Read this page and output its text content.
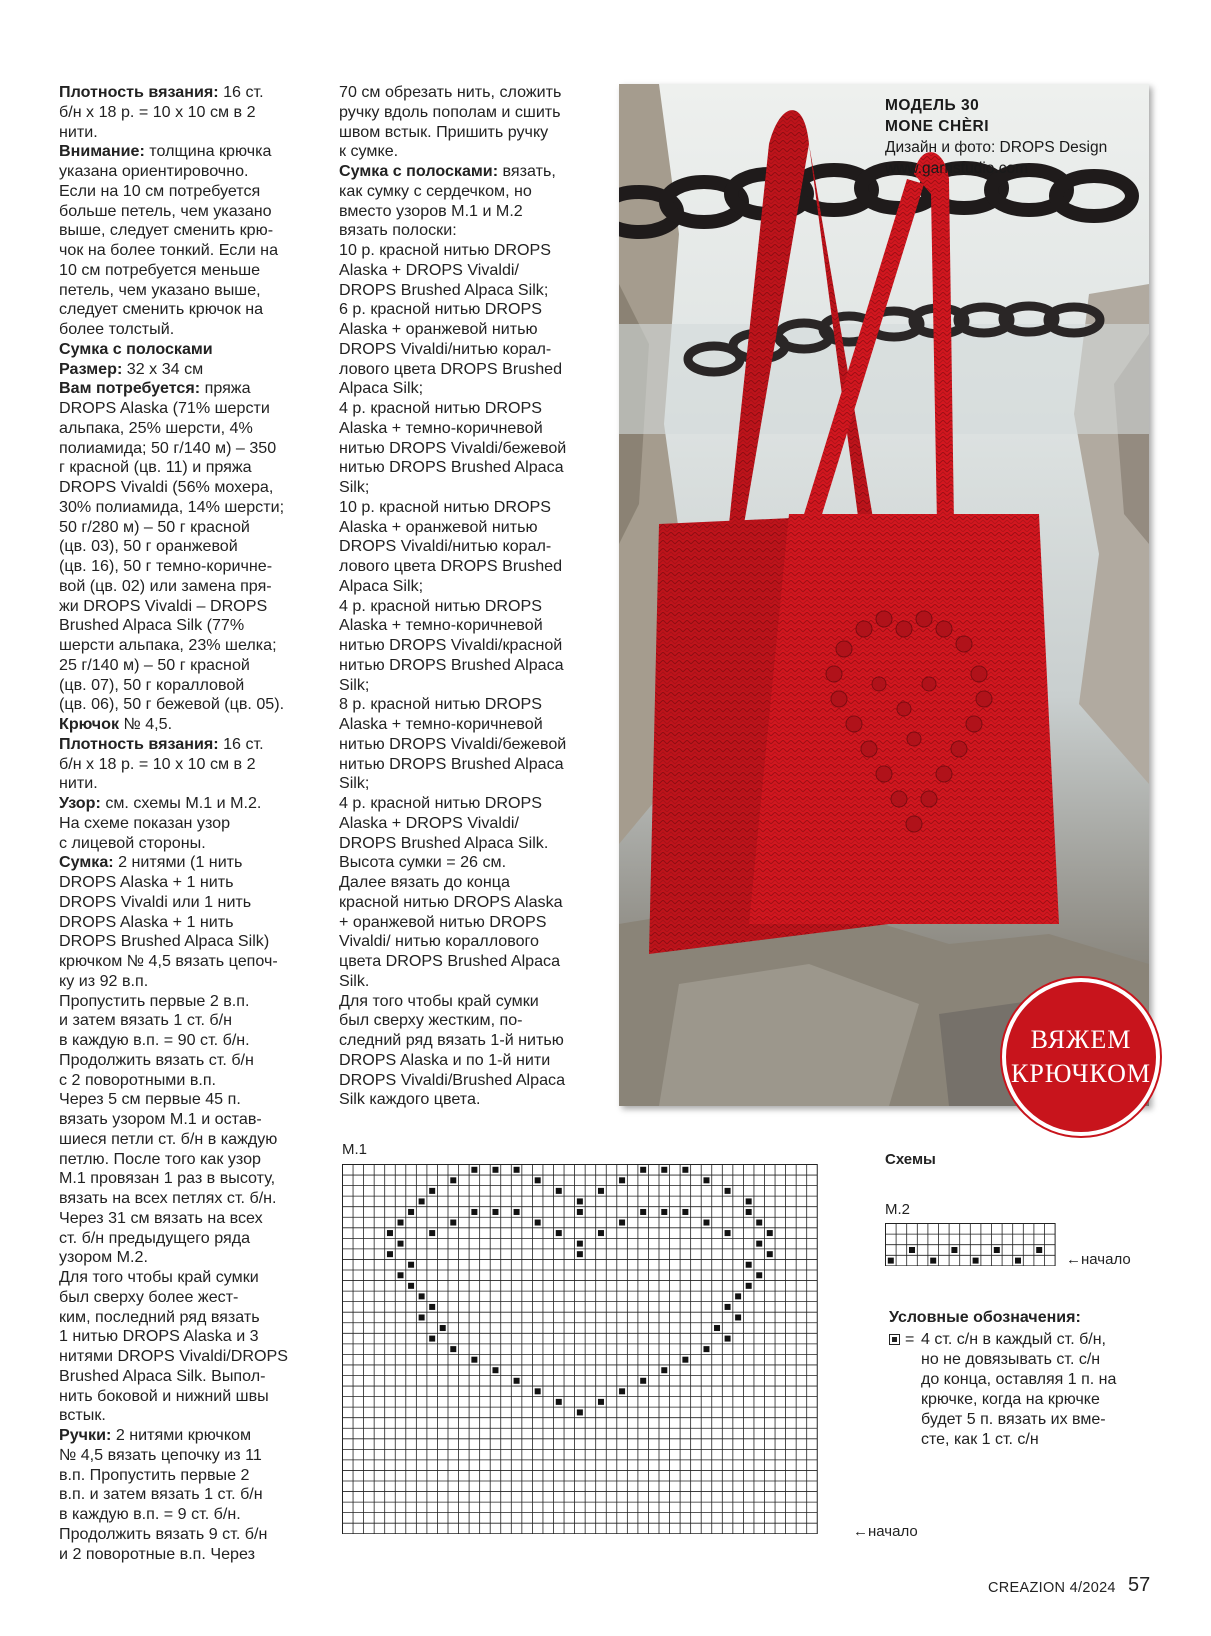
Плотность вязания: 16 ст.

б/н х 18 р. = 10 х 10 см в 2

нити.

Внимание: толщина крючка

указана ориентировочно.

Если на 10 см потребуется

больше петель, чем указано

выше, следует сменить крю-

чок на более тонкий. Если на

10 см потребуется меньше

петель, чем указано выше,

следует сменить крючок на

более толстый.

Сумка с полосками

Размер: 32 х 34 см

Вам потребуется: пряжа

DROPS Alaska (71% шерсти

альпака, 25% шерсти, 4%

полиамида; 50 г/140 м) – 350

г красной (цв. 11) и пряжа

DROPS Vivaldi (56% мохера,

30% полиамида, 14% шерсти;

50 г/280 м) – 50 г красной

(цв. 03), 50 г оранжевой

(цв. 16), 50 г темно-коричне-

вой (цв. 02) или замена пря-

жи DROPS Vivaldi – DROPS

Brushed Alpaca Silk (77%

шерсти альпака, 23% шелка;

25 г/140 м) – 50 г красной

(цв. 07), 50 г коралловой

(цв. 06), 50 г бежевой (цв. 05).

Крючок № 4,5.

Плотность вязания: 16 ст.

б/н х 18 р. = 10 х 10 см в 2

нити.

Узор: см. схемы М.1 и М.2.

На схеме показан узор

с лицевой стороны.

Сумка: 2 нитями (1 нить

DROPS Alaska + 1 нить

DROPS Vivaldi или 1 нить

DROPS Alaska + 1 нить

DROPS Brushed Alpaca Silk)

крючком № 4,5 вязать цепоч-

ку из 92 в.п.

Пропустить первые 2 в.п.

и затем вязать 1 ст. б/н

в каждую в.п. = 90 ст. б/н.

Продолжить вязать ст. б/н

с 2 поворотными в.п.

Через 5 см первые 45 п.

вязать узором М.1 и остав-

шиеся петли ст. б/н в каждую

петлю. После того как узор

М.1 провязан 1 раз в высоту,

вязать на всех петлях ст. б/н.

Через 31 см вязать на всех

ст. б/н предыдущего ряда

узором М.2.

Для того чтобы край сумки

был сверху более жест-

ким, последний ряд вязать

1 нитью DROPS Alaska и 3

нитями DROPS Vivaldi/DROPS

Brushed Alpaca Silk. Выпол-

нить боковой и нижний швы

встык.

Ручки: 2 нитями крючком

№ 4,5 вязать цепочку из 11

в.п. Пропустить первые 2

в.п. и затем вязать 1 ст. б/н

в каждую в.п. = 9 ст. б/н.

Продолжить вязать 9 ст. б/н

и 2 поворотные в.п. Через

70 см обрезать нить, сложить

ручку вдоль пополам и сшить

швом встык. Пришить ручку

к сумке.

Сумка с полосками: вязать,

как сумку с сердечком, но

вместо узоров М.1 и М.2

вязать полоски:

10 р. красной нитью DROPS

Alaska + DROPS Vivaldi/

DROPS Brushed Alpaca Silk;

6 р. красной нитью DROPS

Alaska + оранжевой нитью

DROPS Vivaldi/нитью корал-

лового цвета DROPS Brushed

Alpaca Silk;

4 р. красной нитью DROPS

Alaska + темно-коричневой

нитью DROPS Vivaldi/бежевой

нитью DROPS Brushed Alpaca

Silk;

10 р. красной нитью DROPS

Alaska + оранжевой нитью

DROPS Vivaldi/нитью корал-

лового цвета DROPS Brushed

Alpaca Silk;

4 р. красной нитью DROPS

Alaska + темно-коричневой

нитью DROPS Vivaldi/красной

нитью DROPS Brushed Alpaca

Silk;

8 р. красной нитью DROPS

Alaska + темно-коричневой

нитью DROPS Vivaldi/бежевой

нитью DROPS Brushed Alpaca

Silk;

4 р. красной нитью DROPS

Alaska + DROPS Vivaldi/

DROPS Brushed Alpaca Silk.

Высота сумки = 26 см.

Далее вязать до конца

красной нитью DROPS Alaska

+ оранжевой нитью DROPS

Vivaldi/ нитью кораллового

цвета DROPS Brushed Alpaca

Silk.

Для того чтобы край сумки

был сверху жестким, по-

следний ряд вязать 1-й нитью

DROPS Alaska и по 1-й нити

DROPS Vivaldi/Brushed Alpaca

Silk каждого цвета.

МОДЕЛЬ 30
MONE CHÈRI
Дизайн и фото: DROPS Design
www.garnstudio.com
ВЯЖЕМ
КРЮЧКОМ
М.1
←начало
Схемы
М.2
←начало
Условные обозначения:
= 4 ст. с/н в каждый ст. б/н,
но не довязывать ст. с/н
до конца, оставляя 1 п. на
крючке, когда на крючке
будет 5 п. вязать их вме-
сте, как 1 ст. с/н
CREAZION 4/2024 57
